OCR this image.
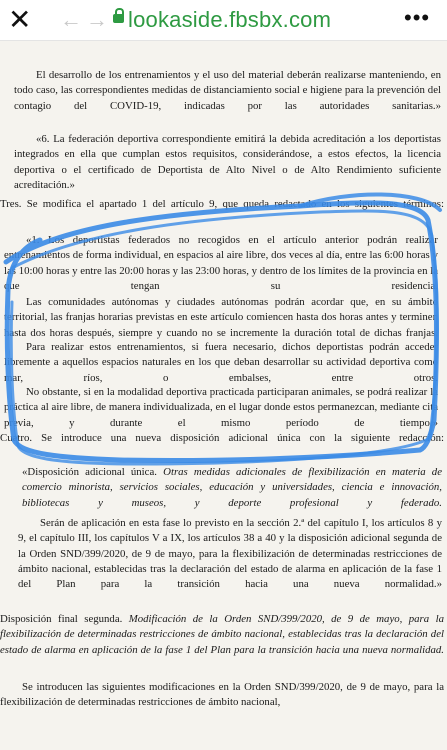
✕ ← → lookaside.fbsbx.com	•••

El desarrollo de los entrenamientos y el uso del material deberán realizarse manteniendo, en todo caso, las correspondientes medidas de distanciamiento social e higiene para la prevención del contagio del COVID-19, indicadas por las autoridades sanitarias.»

«6. La federación deportiva correspondiente emitirá la debida acreditación a los deportistas integrados en ella que cumplan estos requisitos, considerándose, a estos efectos, la licencia deportiva o el certificado de Deportista de Alto Nivel o de Alto Rendimiento suficiente acreditación.»

Tres. Se modifica el apartado 1 del artículo 9, que queda redactado en los siguientes términos:

«1. Los deportistas federados no recogidos en el artículo anterior podrán realizar entrenamientos de forma individual, en espacios al aire libre, dos veces al día, entre las 6:00 horas y las 10:00 horas y entre las 20:00 horas y las 23:00 horas, y dentro de los límites de la provincia en la que tengan su residencia.

Las comunidades autónomas y ciudades autónomas podrán acordar que, en su ámbito territorial, las franjas horarias previstas en este artículo comiencen hasta dos horas antes y terminen hasta dos horas después, siempre y cuando no se incremente la duración total de dichas franjas.

Para realizar estos entrenamientos, si fuera necesario, dichos deportistas podrán acceder libremente a aquellos espacios naturales en los que deban desarrollar su actividad deportiva como mar, ríos, o embalses, entre otros.

No obstante, si en la modalidad deportiva practicada participaran animales, se podrá realizar la práctica al aire libre, de manera individualizada, en el lugar donde estos permanezcan, mediante cita previa, y durante el mismo período de tiempo.»

Cuatro. Se introduce una nueva disposición adicional única con la siguiente redacción:

«Disposición adicional única. Otras medidas adicionales de flexibilización en materia de comercio minorista, servicios sociales, educación y universidades, ciencia e innovación, bibliotecas y museos, y deporte profesional y federado.

Serán de aplicación en esta fase lo previsto en la sección 2.ª del capítulo I, los artículos 8 y 9, el capítulo III, los capítulos V a IX, los artículos 38 a 40 y la disposición adicional segunda de la Orden SND/399/2020, de 9 de mayo, para la flexibilización de determinadas restricciones de ámbito nacional, establecidas tras la declaración del estado de alarma en aplicación de la fase 1 del Plan para la transición hacia una nueva normalidad.»

Disposición final segunda. Modificación de la Orden SND/399/2020, de 9 de mayo, para la flexibilización de determinadas restricciones de ámbito nacional, establecidas tras la declaración del estado de alarma en aplicación de la fase 1 del Plan para la transición hacia una nueva normalidad.

Se introducen las siguientes modificaciones en la Orden SND/399/2020, de 9 de mayo, para la flexibilización de determinadas restricciones de ámbito nacional,
